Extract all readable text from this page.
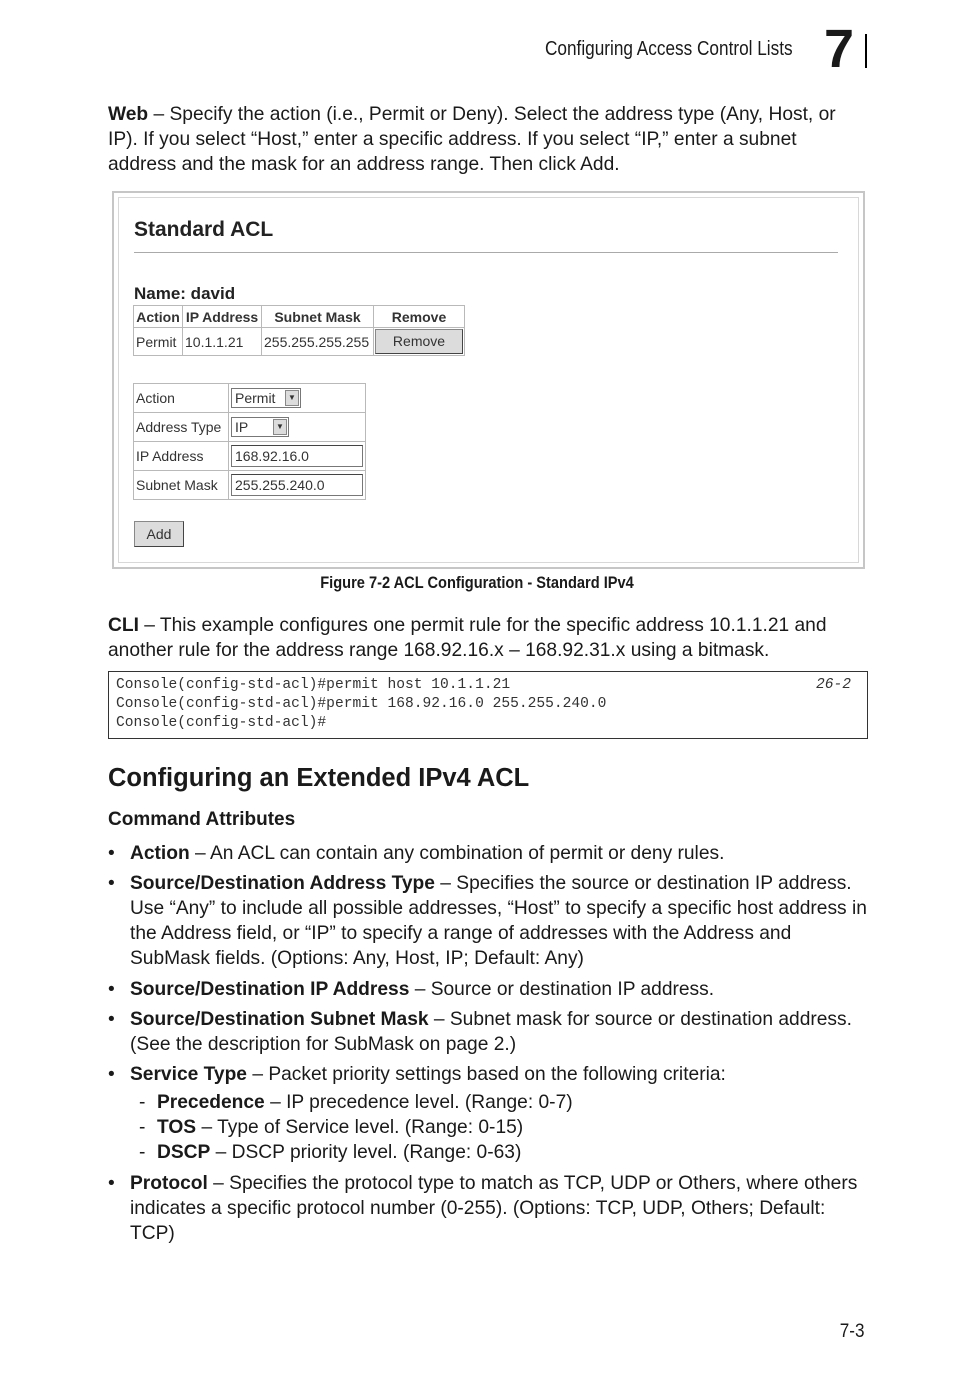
Configuring Access Control Lists 7

Web – Specify the action (i.e., Permit or Deny). Select the address type (Any, Host, or IP). If you select “Host,” enter a specific address. If you select “IP,” enter a subnet address and the mask for an address range. Then click Add.

Standard ACL
Name: david
Action	IP Address	Subnet Mask	Remove
Permit	10.1.1.21	255.255.255.255	Remove
Action	Permit ▼

Address Type	IP ▼

IP Address	168.92.16.0
Subnet Mask	255.255.240.0
Add
Figure 7-2 ACL Configuration - Standard IPv4

CLI – This example configures one permit rule for the specific address 10.1.1.21 and another rule for the address range 168.92.16.x – 168.92.31.x using a bitmask.

Console(config-std-acl)#permit host 10.1.1.21
Console(config-std-acl)#permit 168.92.16.0 255.255.240.0
Console(config-std-acl)#
26-2
Configuring an Extended IPv4 ACL
Command Attributes
• Action – An ACL can contain any combination of permit or deny rules.

• Source/Destination Address Type – Specifies the source or destination IP address. Use “Any” to include all possible addresses, “Host” to specify a specific host address in the Address field, or “IP” to specify a range of addresses with the Address and SubMask fields. (Options: Any, Host, IP; Default: Any)

• Source/Destination IP Address – Source or destination IP address.

• Source/Destination Subnet Mask – Subnet mask for source or destination address. (See the description for SubMask on page 2.)

• Service Type – Packet priority settings based on the following criteria:

- Precedence – IP precedence level. (Range: 0-7)

- TOS – Type of Service level. (Range: 0-15)

- DSCP – DSCP priority level. (Range: 0-63)

• Protocol – Specifies the protocol type to match as TCP, UDP or Others, where others indicates a specific protocol number (0-255). (Options: TCP, UDP, Others; Default: TCP)

7-3
